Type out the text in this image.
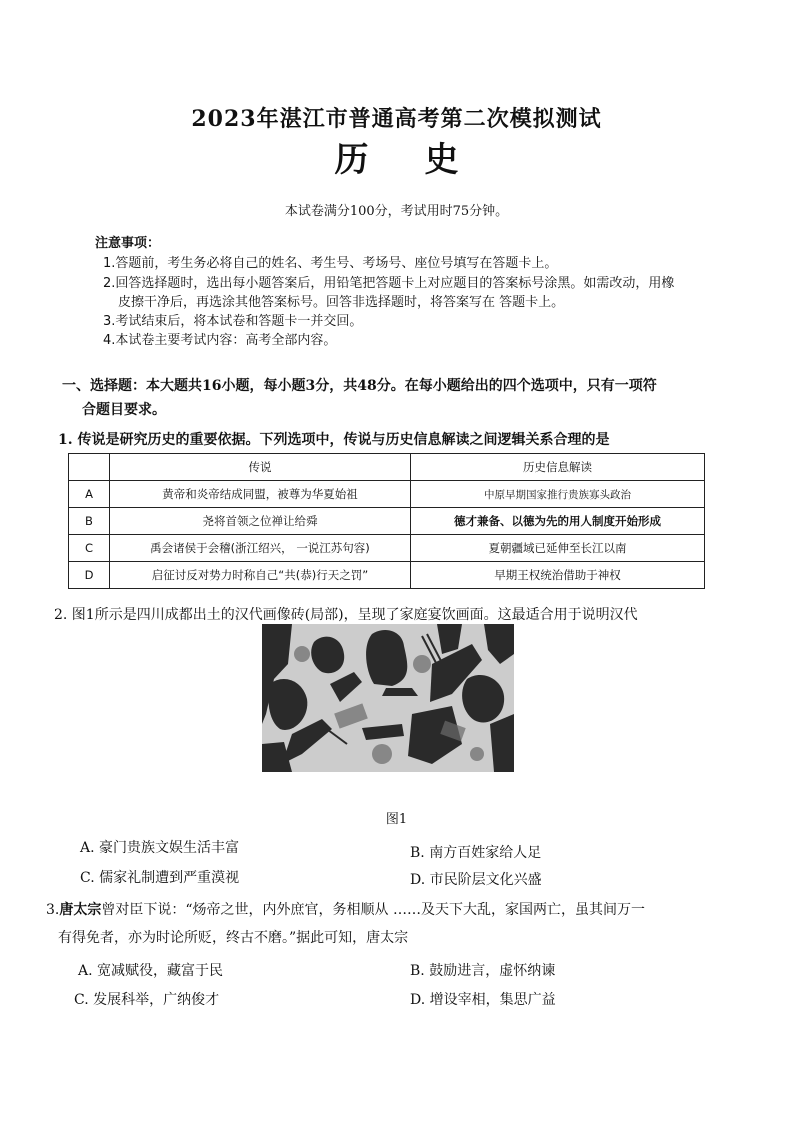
2023年湛江市普通高考第二次模拟测试
历 史
本试卷满分100分，考试用时75分钟。
注意事项：
1.答题前，考生务必将自己的姓名、考生号、考场号、座位号填写在答题卡上。
2.回答选择题时，选出每小题答案后，用铅笔把答题卡上对应题目的答案标号涂黑。如需改动，用橡
皮擦干净后，再选涂其他答案标号。回答非选择题时，将答案写在 答题卡上。
3.考试结束后，将本试卷和答题卡一并交回。
4.本试卷主要考试内容：高考全部内容。
一、选择题：本大题共16小题，每小题3分，共48分。在每小题给出的四个选项中，只有一项符
合题目要求。
1. 传说是研究历史的重要依据。下列选项中，传说与历史信息解读之间逻辑关系合理的是
	传说	历史信息解读
A	黄帝和炎帝结成同盟，被尊为华夏始祖	中原早期国家推行贵族寡头政治
B	尧将首领之位禅让给舜	德才兼备、以德为先的用人制度开始形成
C	禹会诸侯于会稽(浙江绍兴， 一说江苏句容)	夏朝疆域已延伸至长江以南
D	启征讨反对势力时称自己“共(恭)行天之罚”	早期王权统治借助于神权
2. 图1所示是四川成都出土的汉代画像砖(局部)，呈现了家庭宴饮画面。这最适合用于说明汉代
图1
A. 豪门贵族文娱生活丰富	B. 南方百姓家给人足
C. 儒家礼制遭到严重漠视	D. 市民阶层文化兴盛
3.唐太宗曾对臣下说：“炀帝之世，内外庶官，务相顺从 ……及天下大乱，家国两亡，虽其间万一
有得免者，亦为时论所贬，终古不磨。”据此可知，唐太宗
A. 宽减赋役，藏富于民	B. 鼓励进言，虚怀纳谏
C. 发展科举，广纳俊才	D. 增设宰相，集思广益
